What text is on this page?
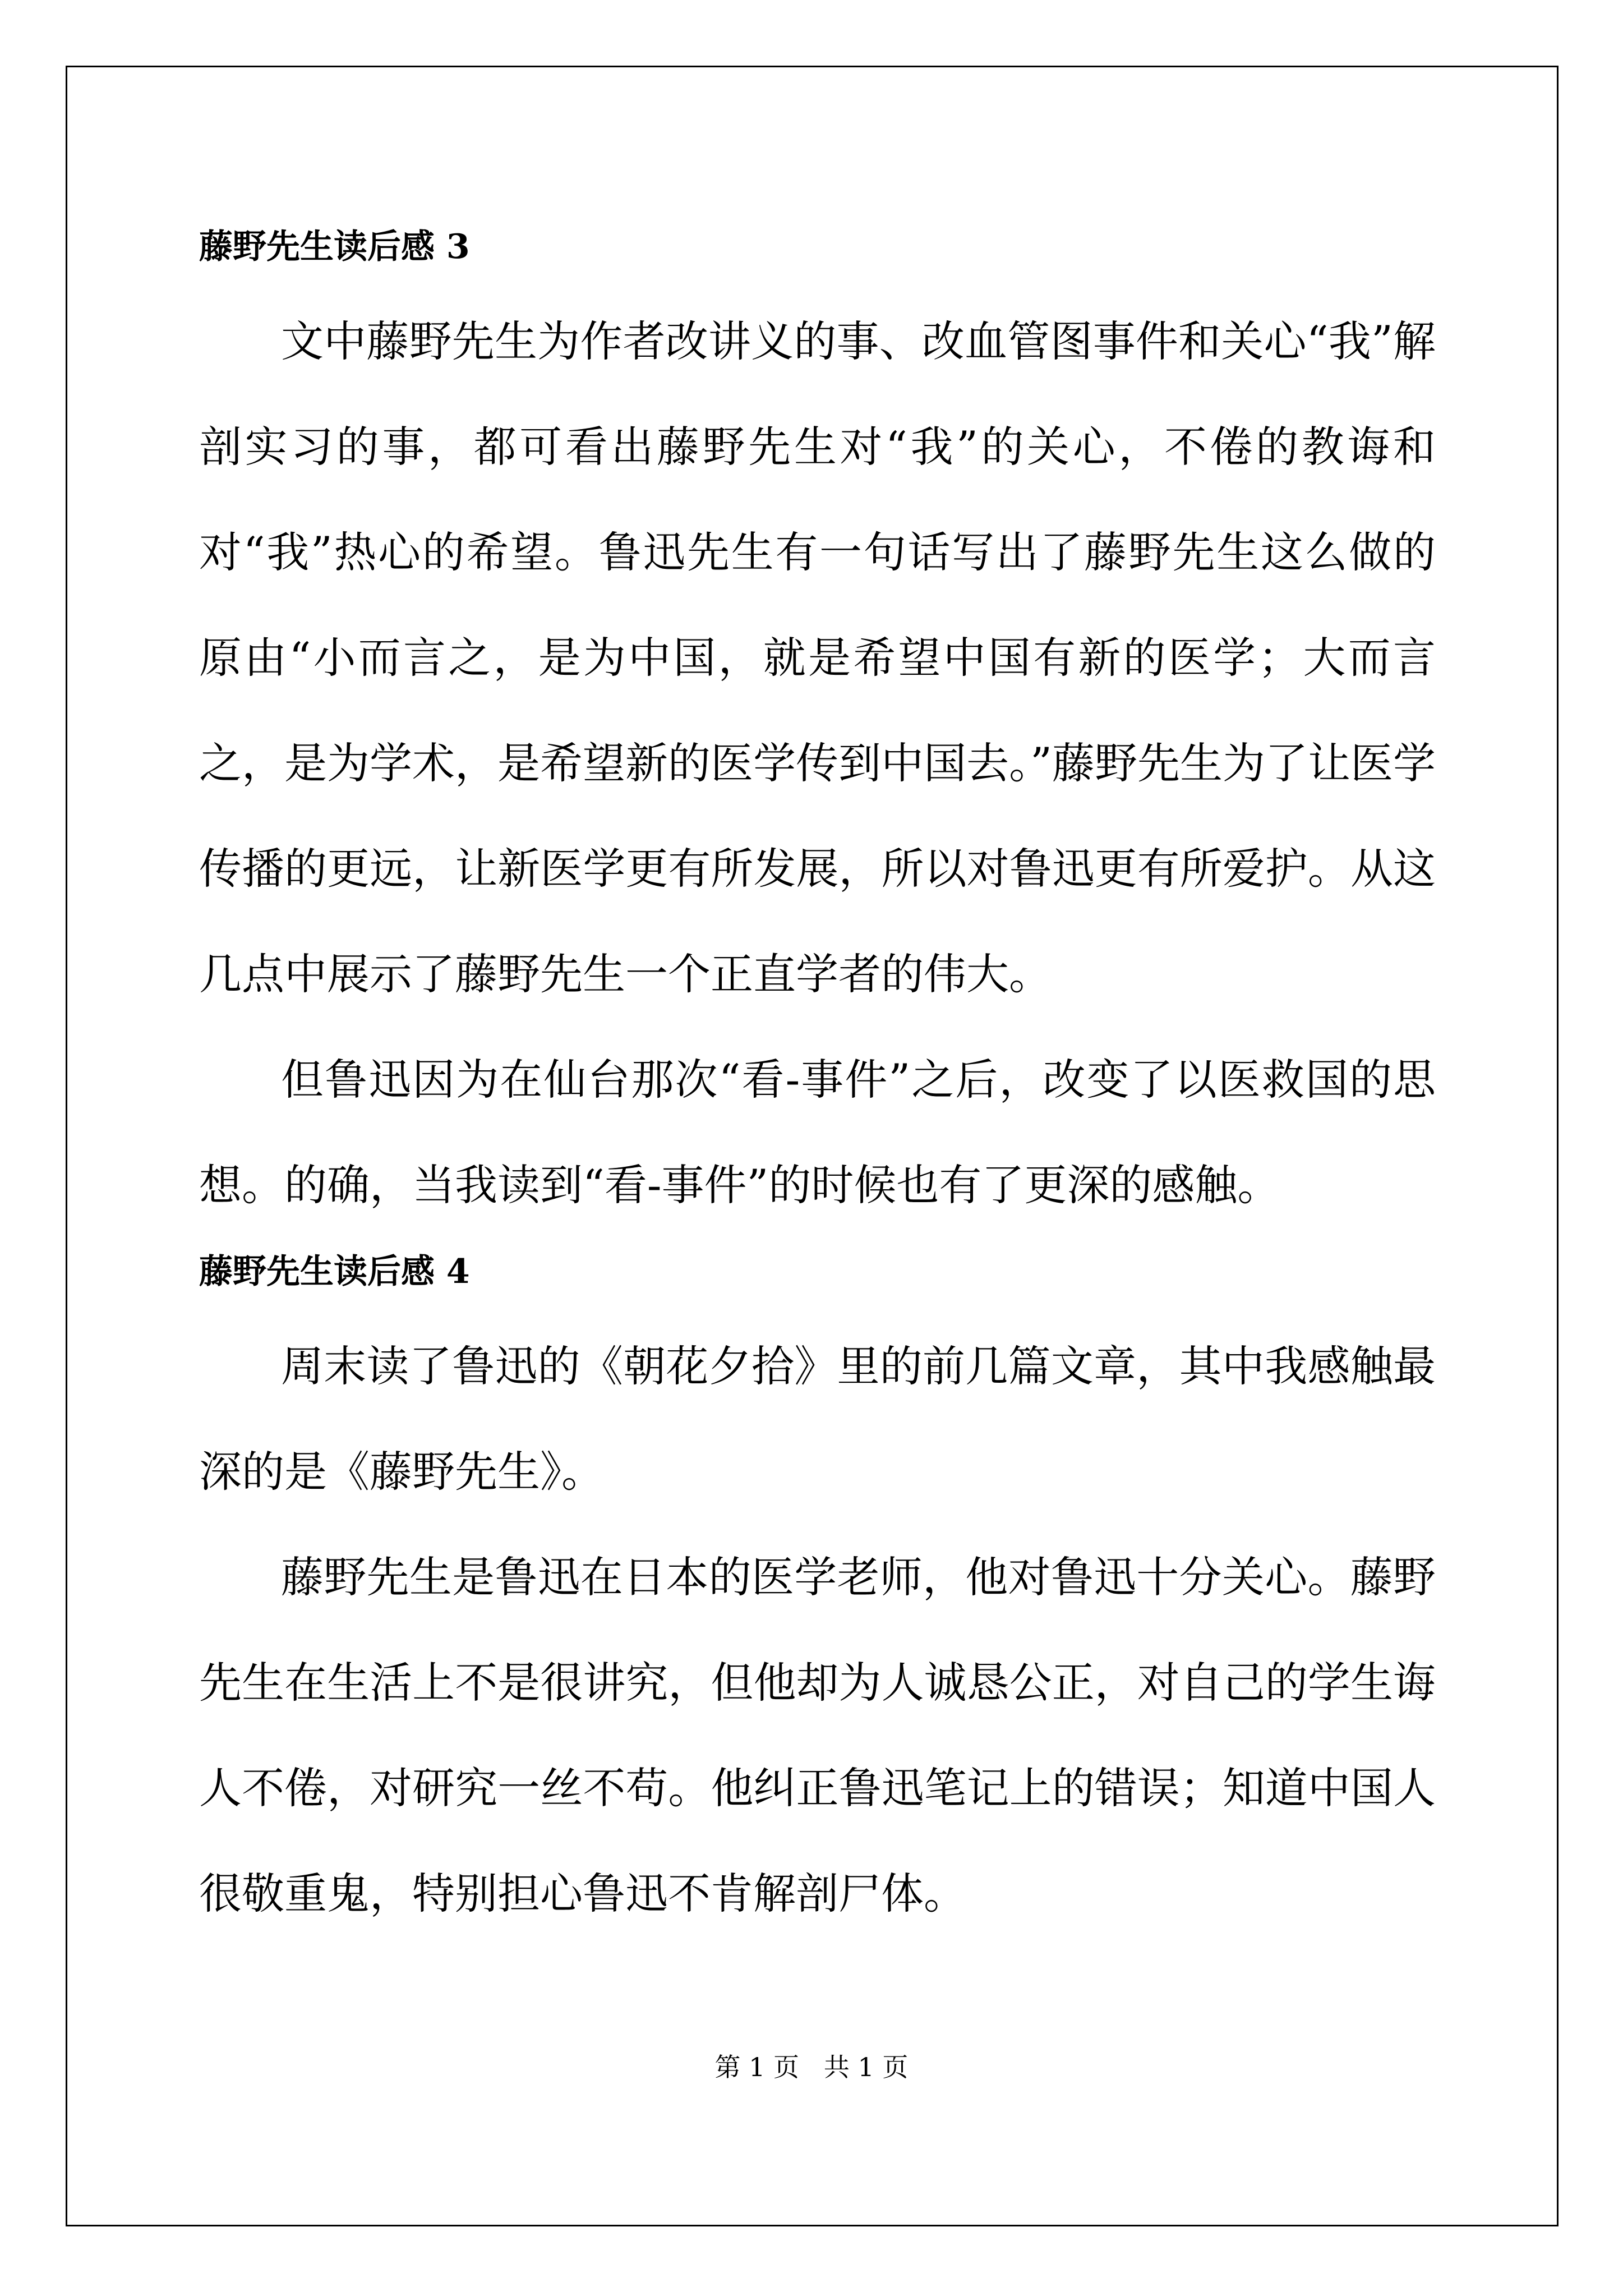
藤野先生读后感 3

文中藤野先生为作者改讲义的事、改血管图事件和关心“我”解剖实习的事，都可看出藤野先生对“我”的关心，不倦的教诲和对“我”热心的希望。鲁迅先生有一句话写出了藤野先生这么做的原由“小而言之，是为中国，就是希望中国有新的医学；大而言之，是为学术，是希望新的医学传到中国去。”藤野先生为了让医学传播的更远，让新医学更有所发展，所以对鲁迅更有所爱护。从这几点中展示了藤野先生一个正直学者的伟大。

但鲁迅因为在仙台那次“看-事件”之后，改变了以医救国的思想。的确，当我读到“看-事件”的时候也有了更深的感触。

藤野先生读后感 4

周末读了鲁迅的《朝花夕拾》里的前几篇文章，其中我感触最深的是《藤野先生》。

藤野先生是鲁迅在日本的医学老师，他对鲁迅十分关心。藤野先生在生活上不是很讲究，但他却为人诚恳公正，对自己的学生诲人不倦，对研究一丝不苟。他纠正鲁迅笔记上的错误；知道中国人很敬重鬼，特别担心鲁迅不肯解剖尸体。

第 1 页   共 1 页
